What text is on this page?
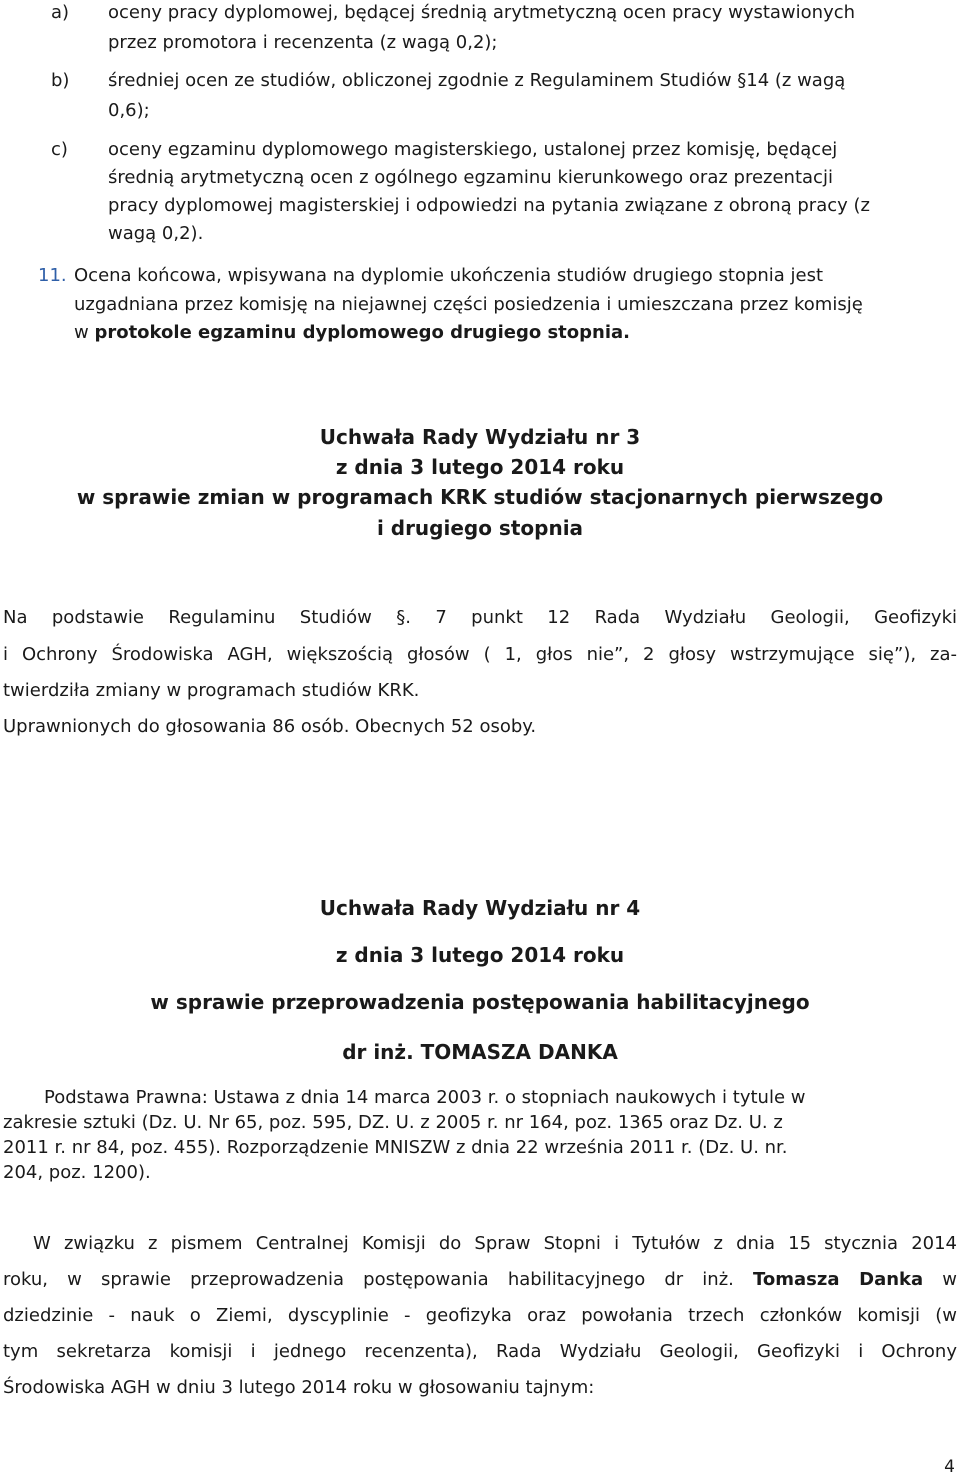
a) oceny pracy dyplomowej, będącej średnią arytmetyczną ocen pracy wystawionych
przez promotora i recenzenta (z wagą 0,2);
b) średniej ocen ze studiów, obliczonej zgodnie z Regulaminem Studiów §14 (z wagą
0,6);
c) oceny egzaminu dyplomowego magisterskiego, ustalonej przez komisję, będącej
średnią arytmetyczną ocen z ogólnego egzaminu kierunkowego oraz prezentacji
pracy dyplomowej magisterskiej i odpowiedzi na pytania związane z obroną pracy (z
wagą 0,2).
11. Ocena końcowa, wpisywana na dyplomie ukończenia studiów drugiego stopnia jest
uzgadniana przez komisję na niejawnej części posiedzenia i umieszczana przez komisję
w protokole egzaminu dyplomowego drugiego stopnia.
Uchwała Rady Wydziału nr 3
z dnia 3 lutego 2014 roku
w sprawie zmian w programach KRK studiów stacjonarnych pierwszego
i drugiego stopnia
Na podstawie Regulaminu Studiów §. 7 punkt 12 Rada Wydziału Geologii, Geofizyki
i Ochrony Środowiska AGH, większością głosów ( 1, głos nie”, 2 głosy wstrzymujące się”), za-
twierdziła zmiany w programach studiów KRK.
Uprawnionych do głosowania 86 osób. Obecnych 52 osoby.
Uchwała Rady Wydziału nr 4
z dnia 3 lutego 2014 roku
w sprawie przeprowadzenia postępowania habilitacyjnego
dr inż. TOMASZA DANKA
Podstawa Prawna: Ustawa z dnia 14 marca 2003 r. o stopniach naukowych i tytule w
zakresie sztuki (Dz. U. Nr 65, poz. 595, DZ. U. z 2005 r. nr 164, poz. 1365 oraz Dz. U. z
2011 r. nr 84, poz. 455). Rozporządzenie MNISZW z dnia 22 września 2011 r. (Dz. U. nr.
204, poz. 1200).
W związku z pismem Centralnej Komisji do Spraw Stopni i Tytułów z dnia 15 stycznia 2014
roku, w sprawie przeprowadzenia postępowania habilitacyjnego dr inż. Tomasza Danka w
dziedzinie - nauk o Ziemi, dyscyplinie - geofizyka oraz powołania trzech członków komisji (w
tym sekretarza komisji i jednego recenzenta), Rada Wydziału Geologii, Geofizyki i Ochrony
Środowiska AGH w dniu 3 lutego 2014 roku w głosowaniu tajnym:
4
